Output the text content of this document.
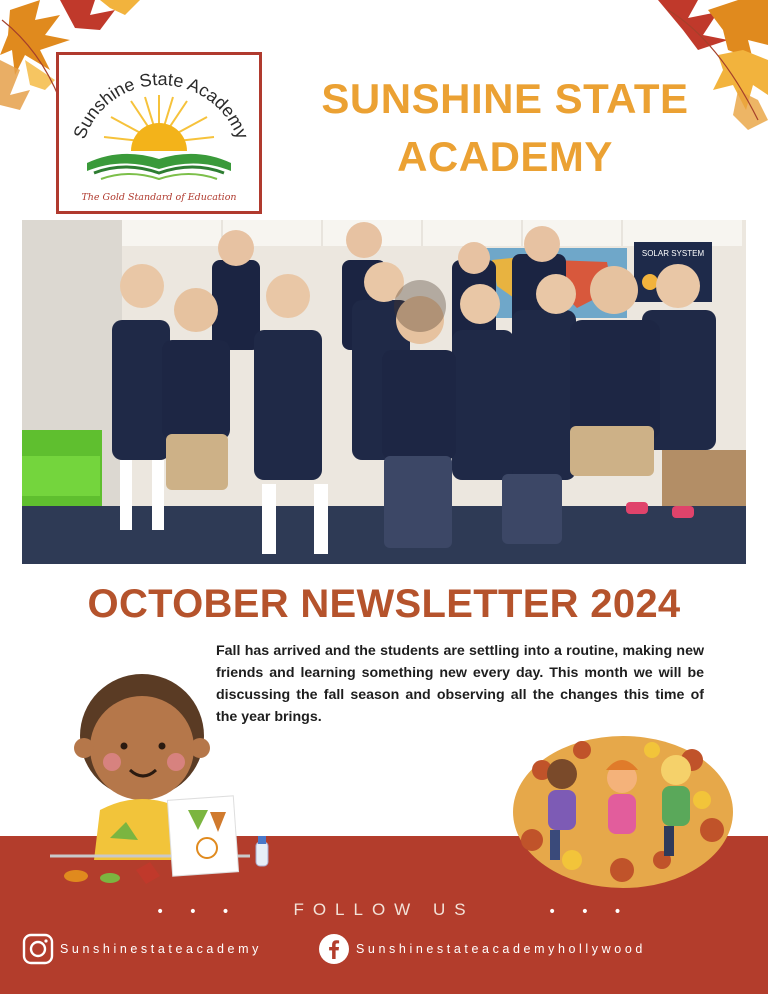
Sunshine State Academy
The Gold Standard of Education
SUNSHINE STATE
ACADEMY
SOLAR SYSTEM
OCTOBER NEWSLETTER 2024
Fall has arrived and the students are settling into a routine, making new friends and learning something new every day. This month we will be discussing the fall season and observing all the changes this time of the year brings.
• • •	FOLLOW US	• • •
Sunshinestateacademy	Sunshinestateacademyhollywood
